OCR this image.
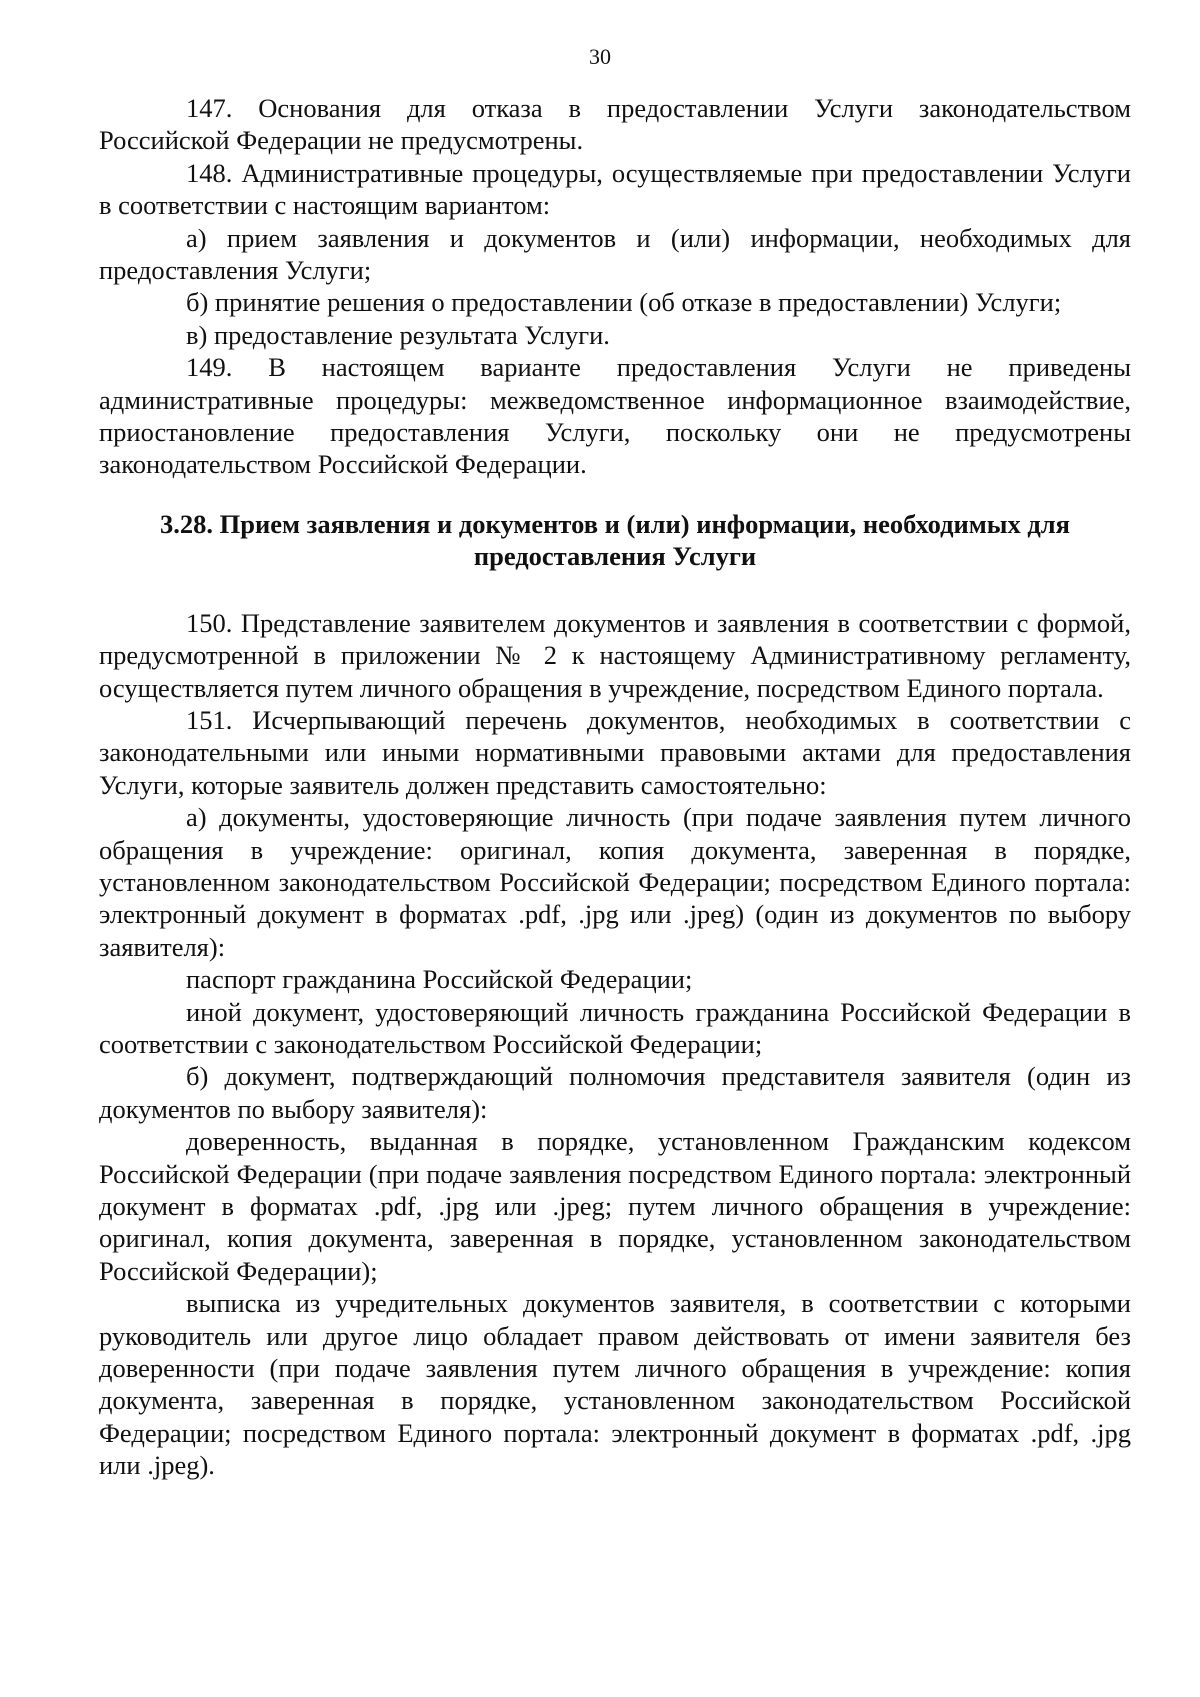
30

147. Основания для отказа в предоставлении Услуги законодательством Российской Федерации не предусмотрены.

148. Административные процедуры, осуществляемые при предоставлении Услуги в соответствии с настоящим вариантом:

а) прием заявления и документов и (или) информации, необходимых для предоставления Услуги;

б) принятие решения о предоставлении (об отказе в предоставлении) Услуги;

в) предоставление результата Услуги.

149. В настоящем варианте предоставления Услуги не приведены административные процедуры: межведомственное информационное взаимодействие, приостановление предоставления Услуги, поскольку они не предусмотрены законодательством Российской Федерации.

3.28. Прием заявления и документов и (или) информации, необходимых для предоставления Услуги

150. Представление заявителем документов и заявления в соответствии с формой, предусмотренной в приложении № 2 к настоящему Административному регламенту, осуществляется путем личного обращения в учреждение, посредством Единого портала.

151. Исчерпывающий перечень документов, необходимых в соответствии с законодательными или иными нормативными правовыми актами для предоставления Услуги, которые заявитель должен представить самостоятельно:

а) документы, удостоверяющие личность (при подаче заявления путем личного обращения в учреждение: оригинал, копия документа, заверенная в порядке, установленном законодательством Российской Федерации; посредством Единого портала: электронный документ в форматах .pdf, .jpg или .jpeg) (один из документов по выбору заявителя):

паспорт гражданина Российской Федерации;

иной документ, удостоверяющий личность гражданина Российской Федерации в соответствии с законодательством Российской Федерации;

б) документ, подтверждающий полномочия представителя заявителя (один из документов по выбору заявителя):

доверенность, выданная в порядке, установленном Гражданским кодексом Российской Федерации (при подаче заявления посредством Единого портала: электронный документ в форматах .pdf, .jpg или .jpeg; путем личного обращения в учреждение: оригинал, копия документа, заверенная в порядке, установленном законодательством Российской Федерации);

выписка из учредительных документов заявителя, в соответствии с которыми руководитель или другое лицо обладает правом действовать от имени заявителя без доверенности (при подаче заявления путем личного обращения в учреждение: копия документа, заверенная в порядке, установленном законодательством Российской Федерации; посредством Единого портала: электронный документ в форматах .pdf, .jpg или .jpeg).
